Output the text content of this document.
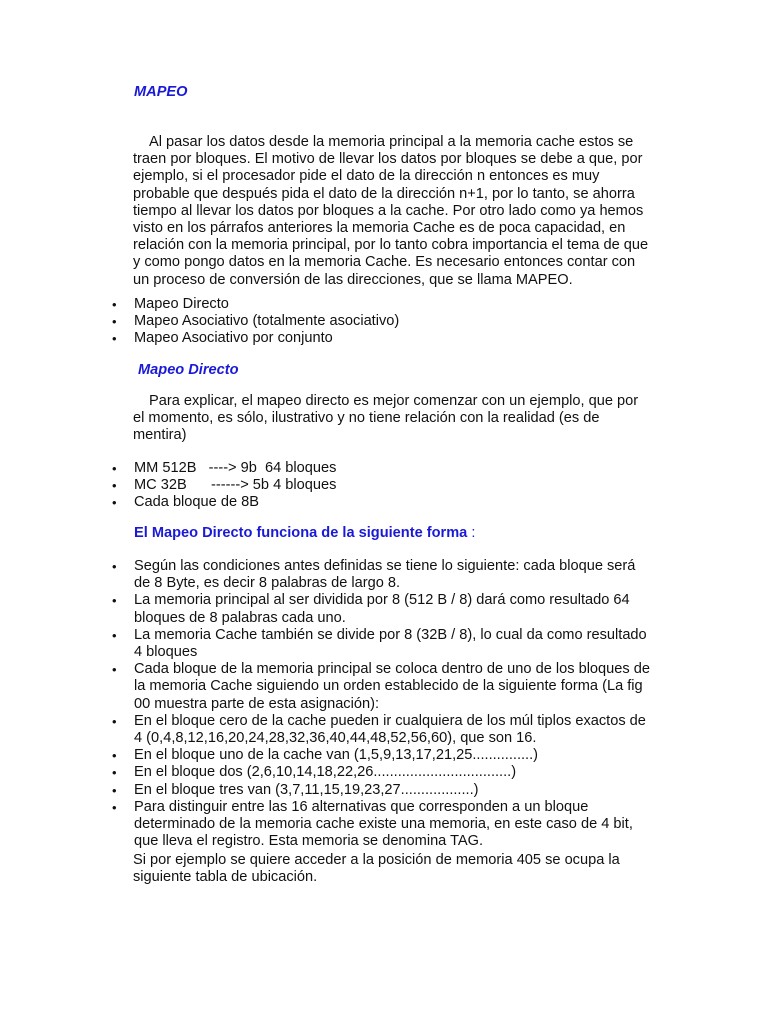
MAPEO
Al pasar los datos desde la memoria principal a la memoria cache estos se
traen por bloques. El motivo de llevar los datos por bloques se debe a que, por
ejemplo, si el procesador pide el dato de la dirección n entonces es muy
probable que después pida el dato de la dirección n+1, por lo tanto, se ahorra
tiempo al llevar los datos por bloques a la cache. Por otro lado como ya hemos
visto en los párrafos anteriores la memoria Cache es de poca capacidad, en
relación con la memoria principal, por lo tanto cobra importancia el tema de que
y como pongo datos en la memoria Cache. Es necesario entonces contar con
un proceso de conversión de las direcciones, que se llama MAPEO.
• Mapeo Directo
• Mapeo Asociativo (totalmente asociativo)
• Mapeo Asociativo por conjunto
Mapeo Directo
Para explicar, el mapeo directo es mejor comenzar con un ejemplo, que por
el momento, es sólo, ilustrativo y no tiene relación con la realidad (es de
mentira)
• MM 512B   ----> 9b  64 bloques
• MC 32B      ------> 5b 4 bloques
• Cada bloque de 8B
El Mapeo Directo funciona de la siguiente forma :
• Según las condiciones antes definidas se tiene lo siguiente: cada bloque será
de 8 Byte, es decir 8 palabras de largo 8.
• La memoria principal al ser dividida por 8 (512 B / 8) dará como resultado 64
bloques de 8 palabras cada uno.
• La memoria Cache también se divide por 8 (32B / 8), lo cual da como resultado
4 bloques
• Cada bloque de la memoria principal se coloca dentro de uno de los bloques de
la memoria Cache siguiendo un orden establecido de la siguiente forma (La fig
00 muestra parte de esta asignación):
• En el bloque cero de la cache pueden ir cualquiera de los múl tiplos exactos de
4 (0,4,8,12,16,20,24,28,32,36,40,44,48,52,56,60), que son 16.
• En el bloque uno de la cache van (1,5,9,13,17,21,25...............)
• En el bloque dos (2,6,10,14,18,22,26..................................)
• En el bloque tres van (3,7,11,15,19,23,27..................)
• Para distinguir entre las 16 alternativas que corresponden a un bloque
determinado de la memoria cache existe una memoria, en este caso de 4 bit,
que lleva el registro. Esta memoria se denomina TAG.
Si por ejemplo se quiere acceder a la posición de memoria 405 se ocupa la
siguiente tabla de ubicación.
